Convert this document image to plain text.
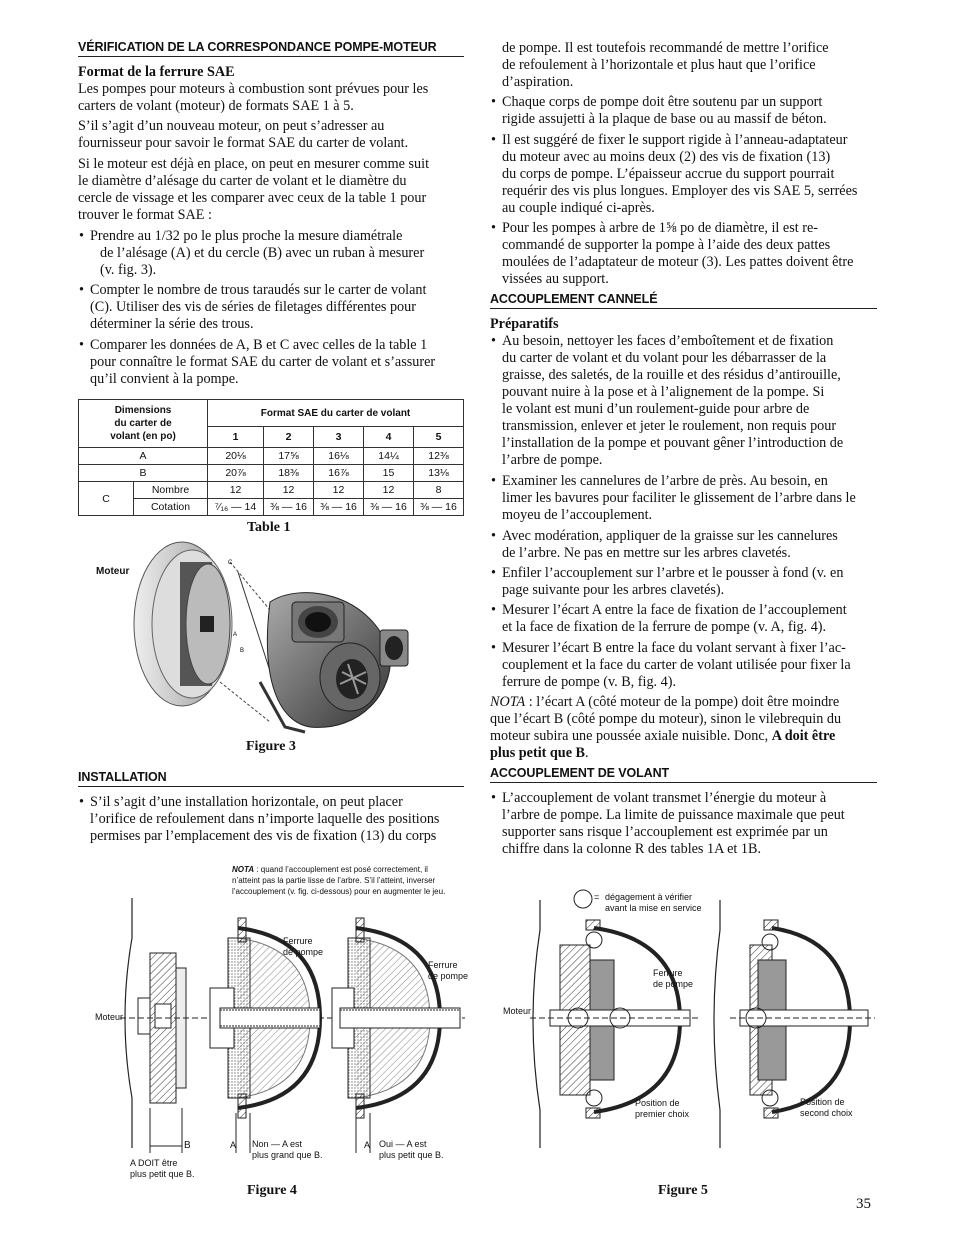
VÉRIFICATION DE LA CORRESPONDANCE POMPE-MOTEUR
Format de la ferrure SAE
Les pompes pour moteurs à combustion sont prévues pour les
carters de volant (moteur) de formats SAE 1 à 5.
S’il s’agit d’un nouveau moteur, on peut s’adresser au
fournisseur pour savoir le format SAE du carter de volant.
Si le moteur est déjà en place, on peut en mesurer comme suit
le diamètre d’alésage du carter de volant et le diamètre du
cercle de vissage et les comparer avec ceux de la table 1 pour
trouver le format SAE :
• Prendre au 1/32 po le plus proche la mesure diamétrale
de l’alésage (A) et du cercle (B) avec un ruban à mesurer
(v. fig. 3).
• Compter le nombre de trous taraudés sur le carter de volant
(C). Utiliser des vis de séries de filetages différentes pour
déterminer la série des trous.
• Comparer les données de A, B et C avec celles de la table 1
pour connaître le format SAE du carter de volant et s’assurer
qu’il convient à la pompe.
Dimensions
du carter de
volant (en po)		Format SAE du carter de volant				
		1	2	3	4	5
A		20⅛	17⅝	16⅛	14¼	12⅜
B		20⅞	18⅜	16⅞	15	13⅛
C	Nombre	12	12	12	12	8
	Cotation	⁷⁄₁₆ — 14	⅜ — 16	⅜ — 16	⅜ — 16	⅜ — 16
Table 1
C
A
B
Moteur
Figure 3
INSTALLATION
• S’il s’agit d’une installation horizontale, on peut placer
l’orifice de refoulement dans n’importe laquelle des positions
permises par l’emplacement des vis de fixation (13) du corps
de pompe. Il est toutefois recommandé de mettre l’orifice
de refoulement à l’horizontale et plus haut que l’orifice
d’aspiration.
• Chaque corps de pompe doit être soutenu par un support
rigide assujetti à la plaque de base ou au massif de béton.
• Il est suggéré de fixer le support rigide à l’anneau-adaptateur
du moteur avec au moins deux (2) des vis de fixation (13)
du corps de pompe. L’épaisseur accrue du support pourrait
requérir des vis plus longues. Employer des vis SAE 5, serrées
au couple indiqué ci-après.
• Pour les pompes à arbre de 1⅝ po de diamètre, il est re-
commandé de supporter la pompe à l’aide des deux pattes
moulées de l’adaptateur de moteur (3). Les pattes doivent être
vissées au support.
ACCOUPLEMENT CANNELÉ
Préparatifs
• Au besoin, nettoyer les faces d’emboîtement et de fixation
du carter de volant et du volant pour les débarrasser de la
graisse, des saletés, de la rouille et des résidus d’antirouille,
pouvant nuire à la pose et à l’alignement de la pompe. Si
le volant est muni d’un roulement-guide pour arbre de
transmission, enlever et jeter le roulement, non requis pour
l’installation de la pompe et pouvant gêner l’introduction de
l’arbre de pompe.
• Examiner les cannelures de l’arbre de près. Au besoin, en
limer les bavures pour faciliter le glissement de l’arbre dans le
moyeu de l’accouplement.
• Avec modération, appliquer de la graisse sur les cannelures
de l’arbre. Ne pas en mettre sur les arbres clavetés.
• Enfiler l’accouplement sur l’arbre et le pousser à fond (v. en
page suivante pour les arbres clavetés).
• Mesurer l’écart A entre la face de fixation de l’accouplement
et la face de fixation de la ferrure de pompe (v. A, fig. 4).
• Mesurer l’écart B entre la face du volant servant à fixer l’ac-
couplement et la face du carter de volant utilisée pour fixer la
ferrure de pompe (v. B, fig. 4).
NOTA : l’écart A (côté moteur de la pompe) doit être moindre
que l’écart B (côté pompe du moteur), sinon le vilebrequin du
moteur subira une poussée axiale nuisible. Donc, A doit être
plus petit que B.
ACCOUPLEMENT DE VOLANT
• L’accouplement de volant transmet l’énergie du moteur à
l’arbre de pompe. La limite de puissance maximale que peut
supporter sans risque l’accouplement est exprimée par un
chiffre dans la colonne R des tables 1A et 1B.
NOTA : quand l’accouplement est posé correctement, il
n’atteint pas la partie lisse de l’arbre. S’il l’atteint, inverser
l’accouplement (v. fig. ci-dessous) pour en augmenter le jeu.
Ferrure
de pompe
Ferrure
de pompe
Moteur
B	A	A
Non — A est
plus grand que B.
Oui — A est
plus petit que B.
A DOIT être
plus petit que B.
Figure 4
= dégagement à vérifier
avant la mise en service
Ferrure
de pompe
Moteur
Position de
premier choix
Position de
second choix
Figure 5
35
